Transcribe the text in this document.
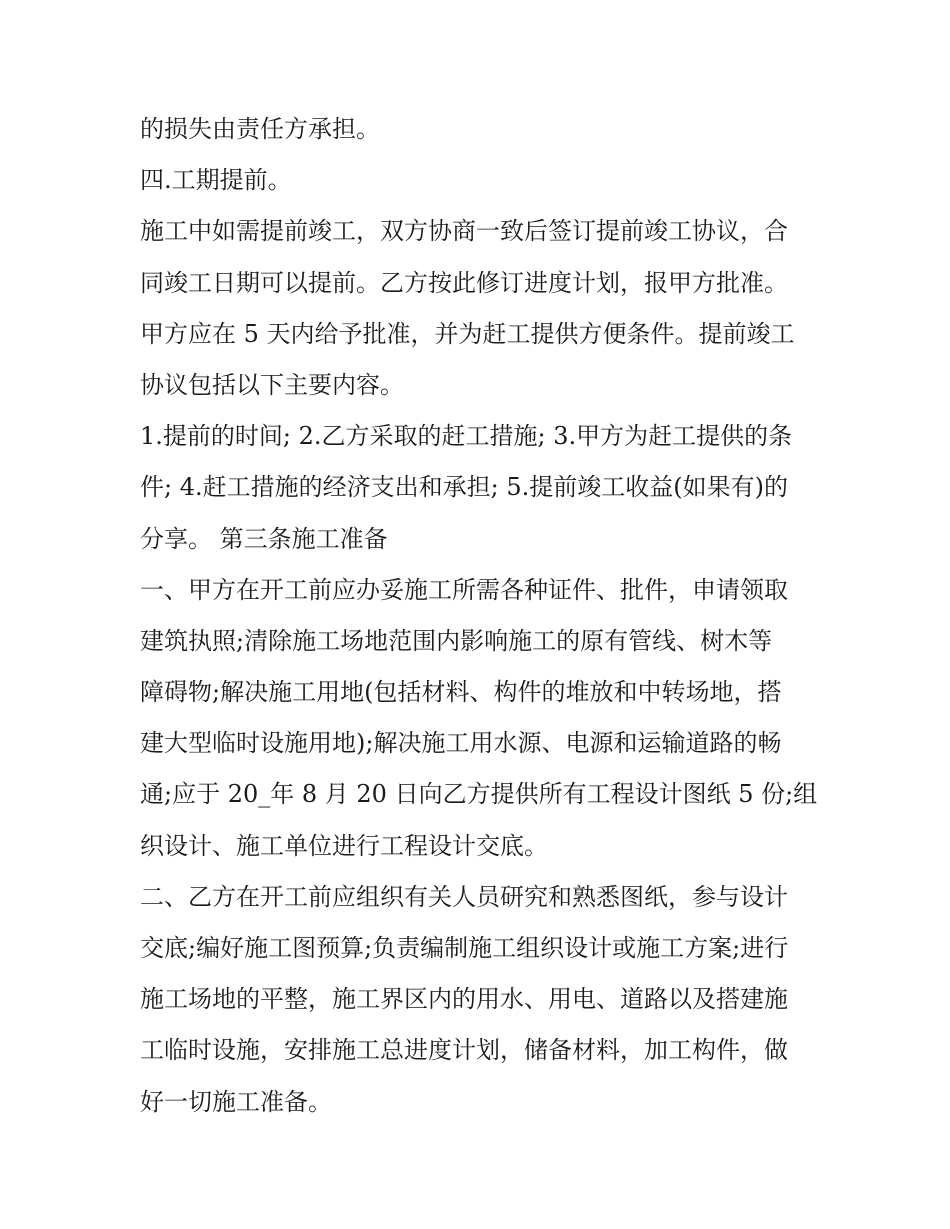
的损失由责任方承担。
四.工期提前。
施工中如需提前竣工，双方协商一致后签订提前竣工协议，合
同竣工日期可以提前。乙方按此修订进度计划，报甲方批准。
甲方应在 5 天内给予批准，并为赶工提供方便条件。提前竣工
协议包括以下主要内容。
1.提前的时间; 2.乙方采取的赶工措施; 3.甲方为赶工提供的条
件; 4.赶工措施的经济支出和承担; 5.提前竣工收益(如果有)的
分享。 第三条施工准备
一、甲方在开工前应办妥施工所需各种证件、批件，申请领取
建筑执照;清除施工场地范围内影响施工的原有管线、树木等
障碍物;解决施工用地(包括材料、构件的堆放和中转场地，搭
建大型临时设施用地);解决施工用水源、电源和运输道路的畅
通;应于 20_年 8 月 20 日向乙方提供所有工程设计图纸 5 份;组
织设计、施工单位进行工程设计交底。
二、乙方在开工前应组织有关人员研究和熟悉图纸，参与设计
交底;编好施工图预算;负责编制施工组织设计或施工方案;进行
施工场地的平整，施工界区内的用水、用电、道路以及搭建施
工临时设施，安排施工总进度计划，储备材料，加工构件，做
好一切施工准备。
